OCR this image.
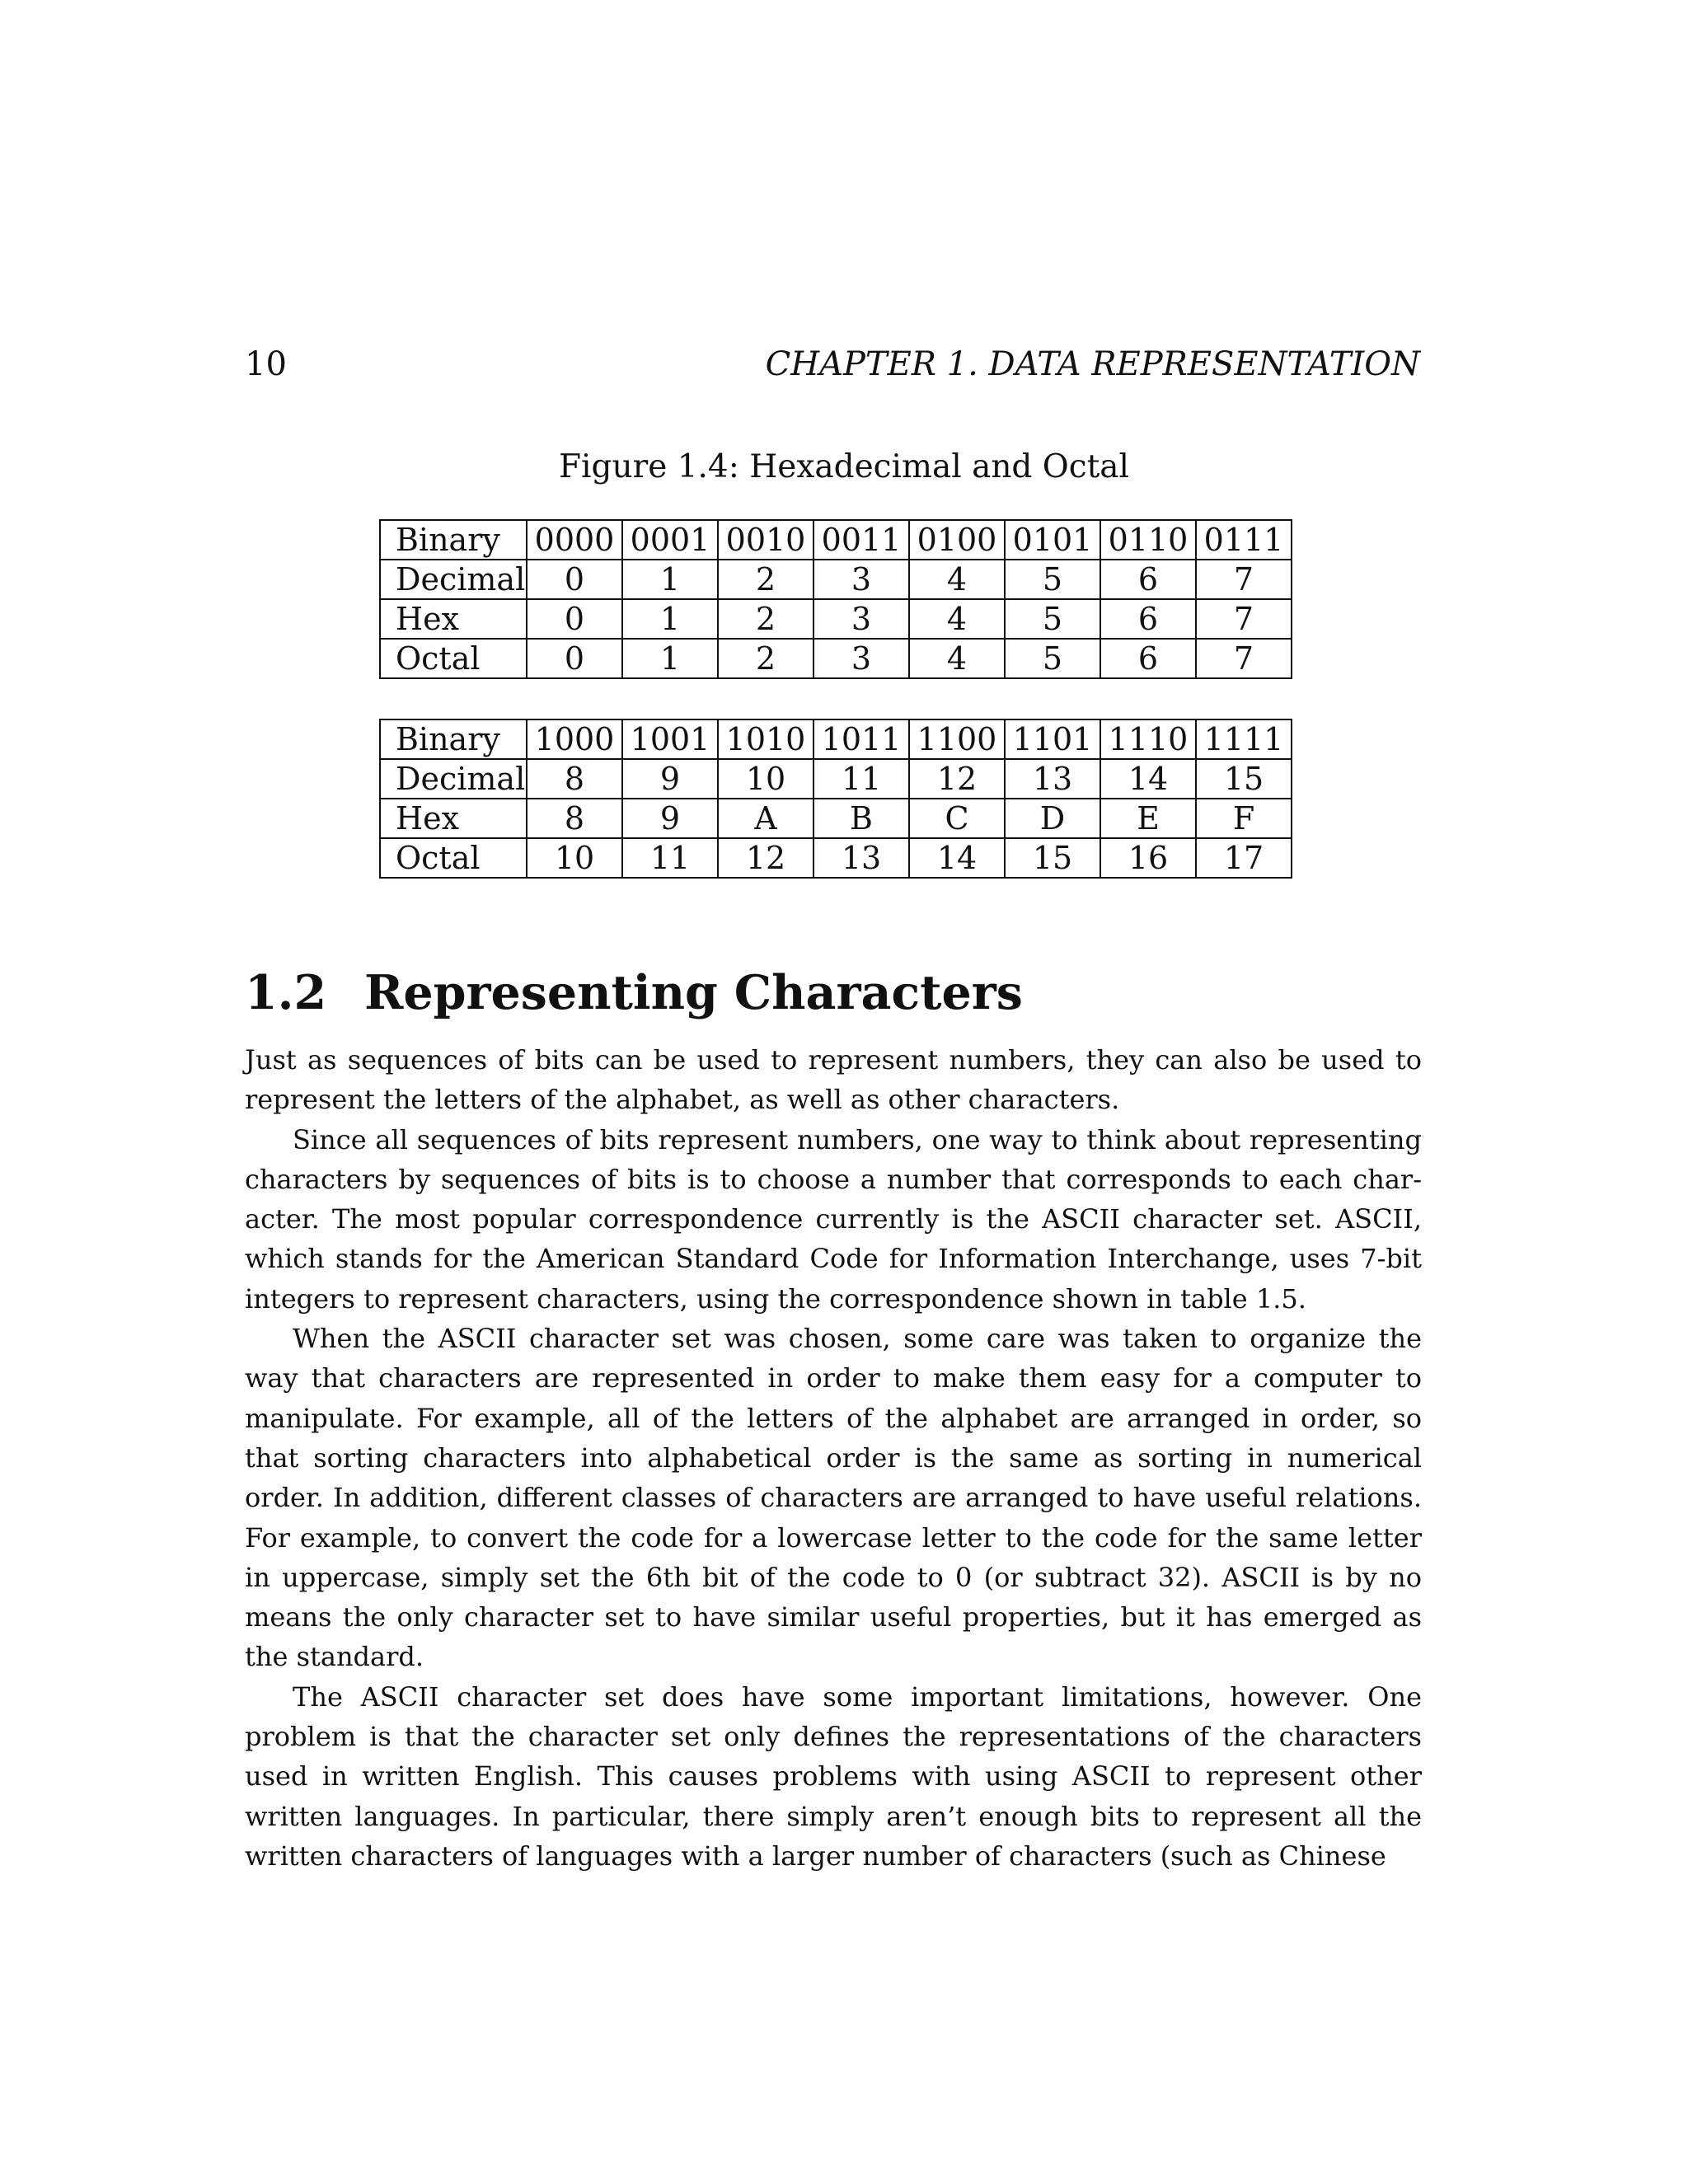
10	CHAPTER 1. DATA REPRESENTATION
Figure 1.4: Hexadecimal and Octal
Binary	0000	0001	0010	0011	0100	0101	0110	0111
Decimal	0	1	2	3	4	5	6	7
Hex	0	1	2	3	4	5	6	7
Octal	0	1	2	3	4	5	6	7
Binary	1000	1001	1010	1011	1100	1101	1110	1111
Decimal	8	9	10	11	12	13	14	15
Hex	8	9	A	B	C	D	E	F
Octal	10	11	12	13	14	15	16	17
1.2 Representing Characters

Just as sequences of bits can be used to represent numbers, they can also be used to represent the letters of the alphabet, as well as other characters.

Since all sequences of bits represent numbers, one way to think about representing characters by sequences of bits is to choose a number that corresponds to each character. The most popular correspondence currently is the ASCII character set. ASCII, which stands for the American Standard Code for Information Interchange, uses 7-bit integers to represent characters, using the correspondence shown in table 1.5.

When the ASCII character set was chosen, some care was taken to organize the way that characters are represented in order to make them easy for a computer to manipulate. For example, all of the letters of the alphabet are arranged in order, so that sorting characters into alphabetical order is the same as sorting in numerical order. In addition, different classes of characters are arranged to have useful relations. For example, to convert the code for a lowercase letter to the code for the same letter in uppercase, simply set the 6th bit of the code to 0 (or subtract 32). ASCII is by no means the only character set to have similar useful properties, but it has emerged as the standard.

The ASCII character set does have some important limitations, however. One problem is that the character set only defines the representations of the characters used in written English. This causes problems with using ASCII to represent other written languages. In particular, there simply aren’t enough bits to represent all the written characters of languages with a larger number of characters (such as Chinese
